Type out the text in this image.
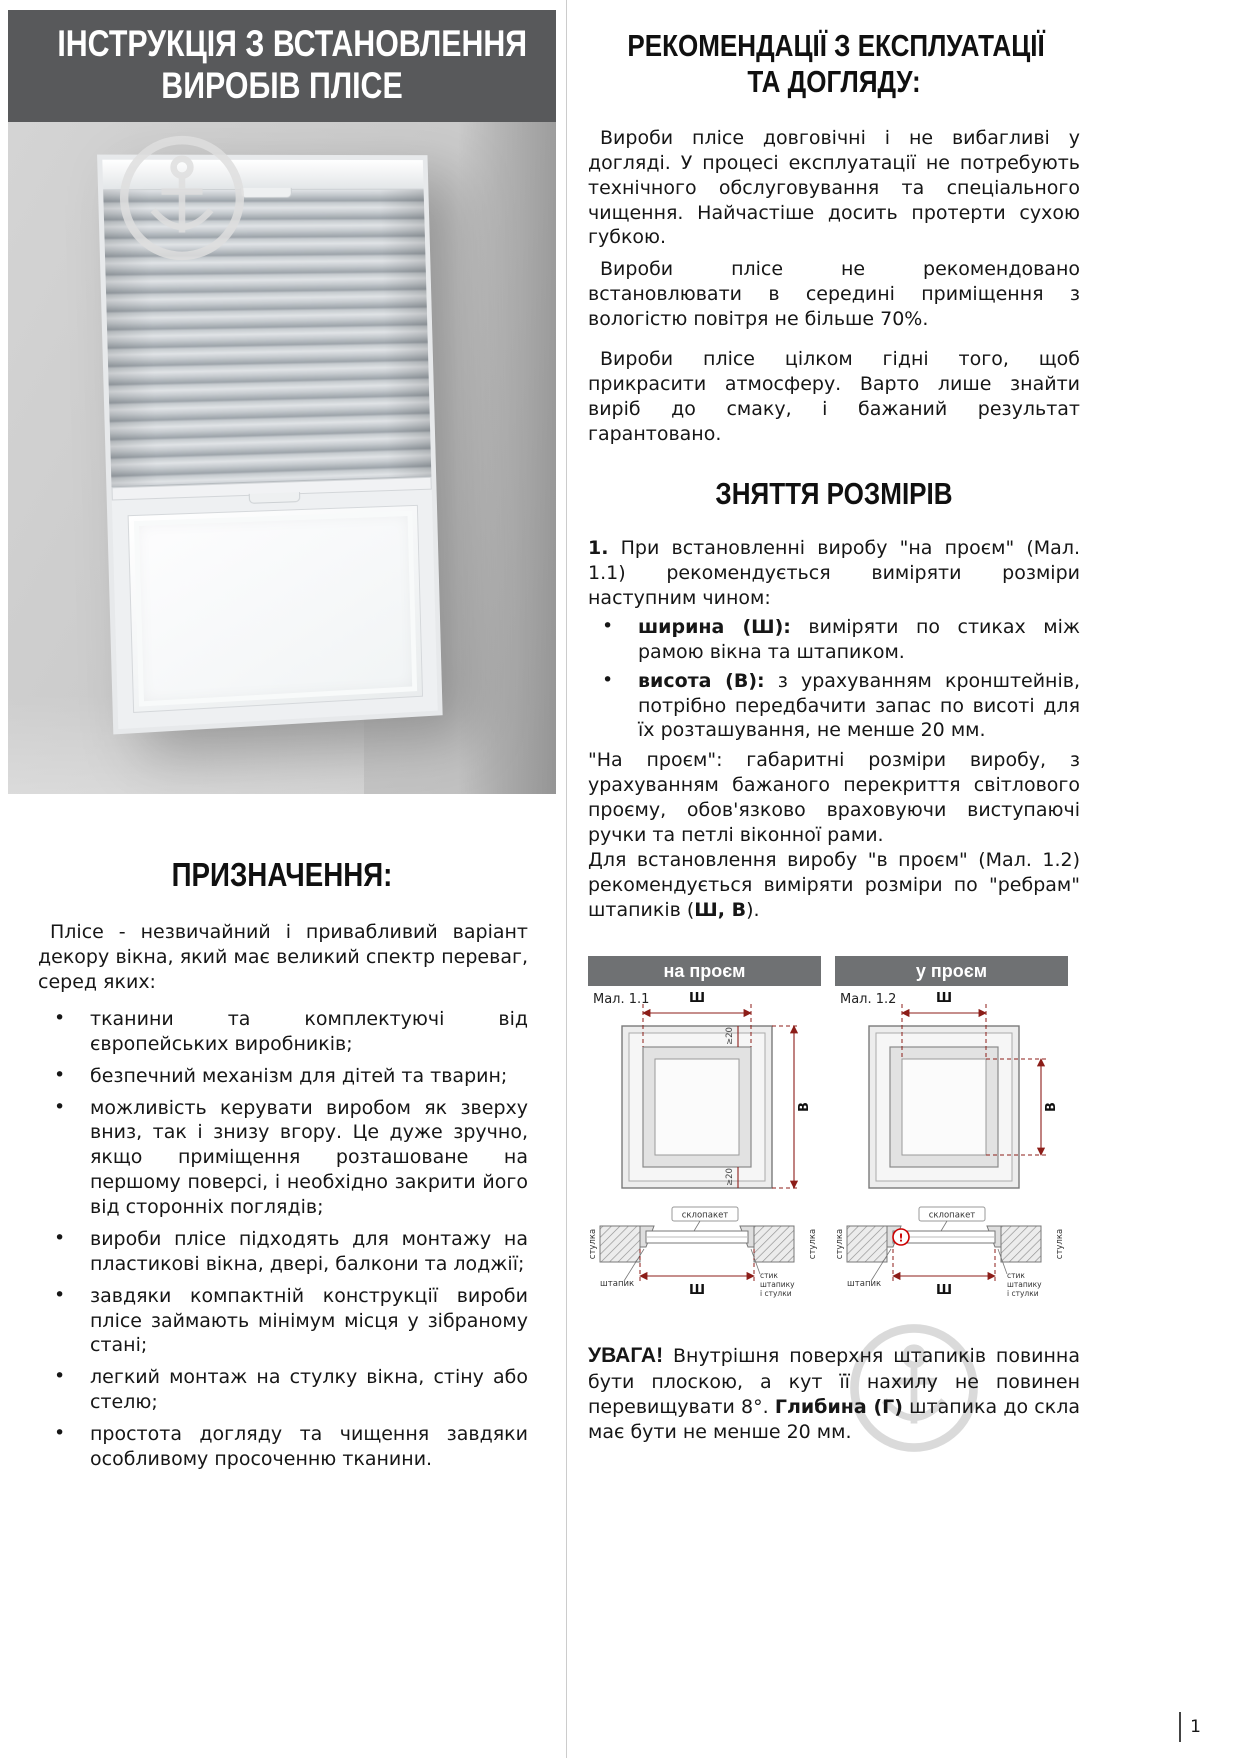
ІНСТРУКЦІЯ З ВСТАНОВЛЕННЯ
ВИРОБІВ ПЛІСЕ
ПРИЗНАЧЕННЯ:

Плісе - незвичайний і привабливий варіант декору вікна, який має великий спектр переваг, серед яких:

• тканини та комплектуючі від європейських виробників;
• безпечний механізм для дітей та тварин;
• можливість керувати виробом як зверху вниз, так і знизу вгору. Це дуже зручно, якщо приміщення розташоване на першому поверсі, і необхідно закрити його від сторонніх поглядів;
• вироби плісе підходять для монтажу на пластикові вікна, двері, балкони та лоджії;
• завдяки компактній конструкції вироби плісе займають мінімум місця у зібраному стані;
• легкий монтаж на стулку вікна, стіну або стелю;
• простота догляду та чищення завдяки особливому просоченню тканини.
РЕКОМЕНДАЦІЇ З ЕКСПЛУАТАЦІЇ
ТА ДОГЛЯДУ:

Вироби плісе довговічні і не вибагливі у догляді. У процесі експлуатації не потребують технічного обслуговування та спеціального чищення. Найчастіше досить протерти сухою губкою.

Вироби плісе не рекомендовано встановлювати в середині приміщення з вологістю повітря не більше 70%.

Вироби плісе цілком гідні того, щоб прикрасити атмосферу. Варто лише знайти виріб до смаку, і бажаний результат гарантовано.

ЗНЯТТЯ РОЗМІРІВ

1. При встановленні виробу "на проєм" (Мал. 1.1) рекомендується виміряти розміри наступним чином:

• ширина (Ш): виміряти по стиках між рамою вікна та штапиком.
• висота (В): з урахуванням кронштейнів, потрібно передбачити запас по висоті для їх розташування, не менше 20 мм.

"На проєм": габаритні розміри виробу, з урахуванням бажаного перекриття світлового проєму, обов'язково враховуючи виступаючі ручки та петлі віконної рами.

Для встановлення виробу "в проєм" (Мал. 1.2) рекомендується виміряти розміри по "ребрам" штапиків (Ш, В).

на проєм
Мал. 1.1	Ш
В
≥20
≥20
склопакет
стулка	стулка
штапик	Ш
стик
штапику
і стулки
у проєм
Мал. 1.2	Ш
В
склопакет
!
стулка	стулка
штапик	Ш
стик
штапику
і стулки

УВАГА! Внутрішня поверхня штапиків повинна бути плоскою, а кут її нахилу не повинен перевищувати 8°. Глибина (Г) штапика до скла має бути не менше 20 мм.

1
